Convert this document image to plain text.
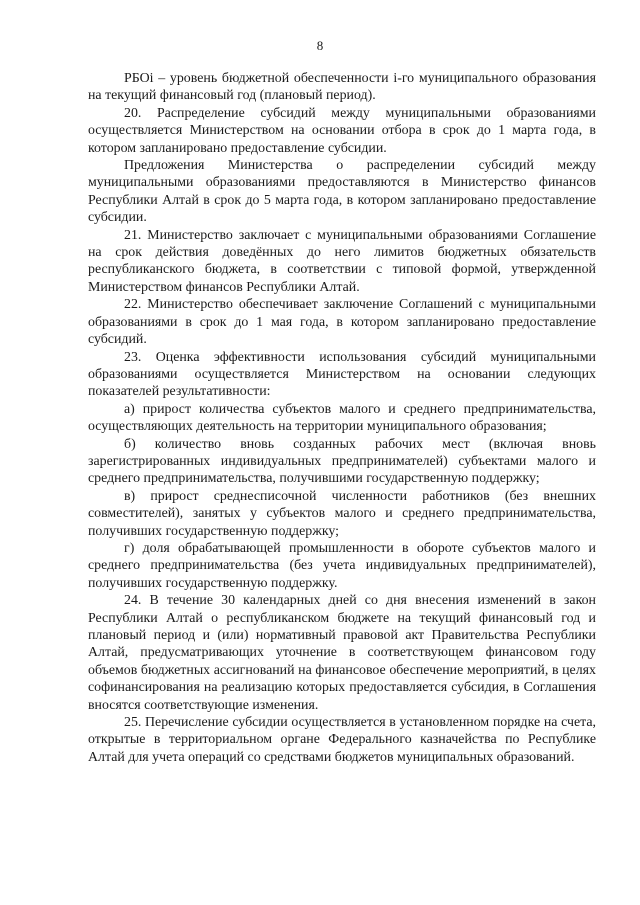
8

РБОi – уровень бюджетной обеспеченности i-го муниципального образования на текущий финансовый год (плановый период).

20. Распределение субсидий между муниципальными образованиями осуществляется Министерством на основании отбора в срок до 1 марта года, в котором запланировано предоставление субсидии.

Предложения Министерства о распределении субсидий между муниципальными образованиями предоставляются в Министерство финансов Республики Алтай в срок до 5 марта года, в котором запланировано предоставление субсидии.

21. Министерство заключает с муниципальными образованиями Соглашение на срок действия доведённых до него лимитов бюджетных обязательств республиканского бюджета, в соответствии с типовой формой, утвержденной Министерством финансов Республики Алтай.

22. Министерство обеспечивает заключение Соглашений с муниципальными образованиями в срок до 1 мая года, в котором запланировано предоставление субсидий.

23. Оценка эффективности использования субсидий муниципальными образованиями осуществляется Министерством на основании следующих показателей результативности:

а) прирост количества субъектов малого и среднего предпринимательства, осуществляющих деятельность на территории муниципального образования;

б) количество вновь созданных рабочих мест (включая вновь зарегистрированных индивидуальных предпринимателей) субъектами малого и среднего предпринимательства, получившими государственную поддержку;

в) прирост среднесписочной численности работников (без внешних совместителей), занятых у субъектов малого и среднего предпринимательства, получивших государственную поддержку;

г) доля обрабатывающей промышленности в обороте субъектов малого и среднего предпринимательства (без учета индивидуальных предпринимателей), получивших государственную поддержку.

24. В течение 30 календарных дней со дня внесения изменений в закон Республики Алтай о республиканском бюджете на текущий финансовый год и плановый период и (или) нормативный правовой акт Правительства Республики Алтай, предусматривающих уточнение в соответствующем финансовом году объемов бюджетных ассигнований на финансовое обеспечение мероприятий, в целях софинансирования на реализацию которых предоставляется субсидия, в Соглашения вносятся соответствующие изменения.

25. Перечисление субсидии осуществляется в установленном порядке на счета, открытые в территориальном органе Федерального казначейства по Республике Алтай для учета операций со средствами бюджетов муниципальных образований.
